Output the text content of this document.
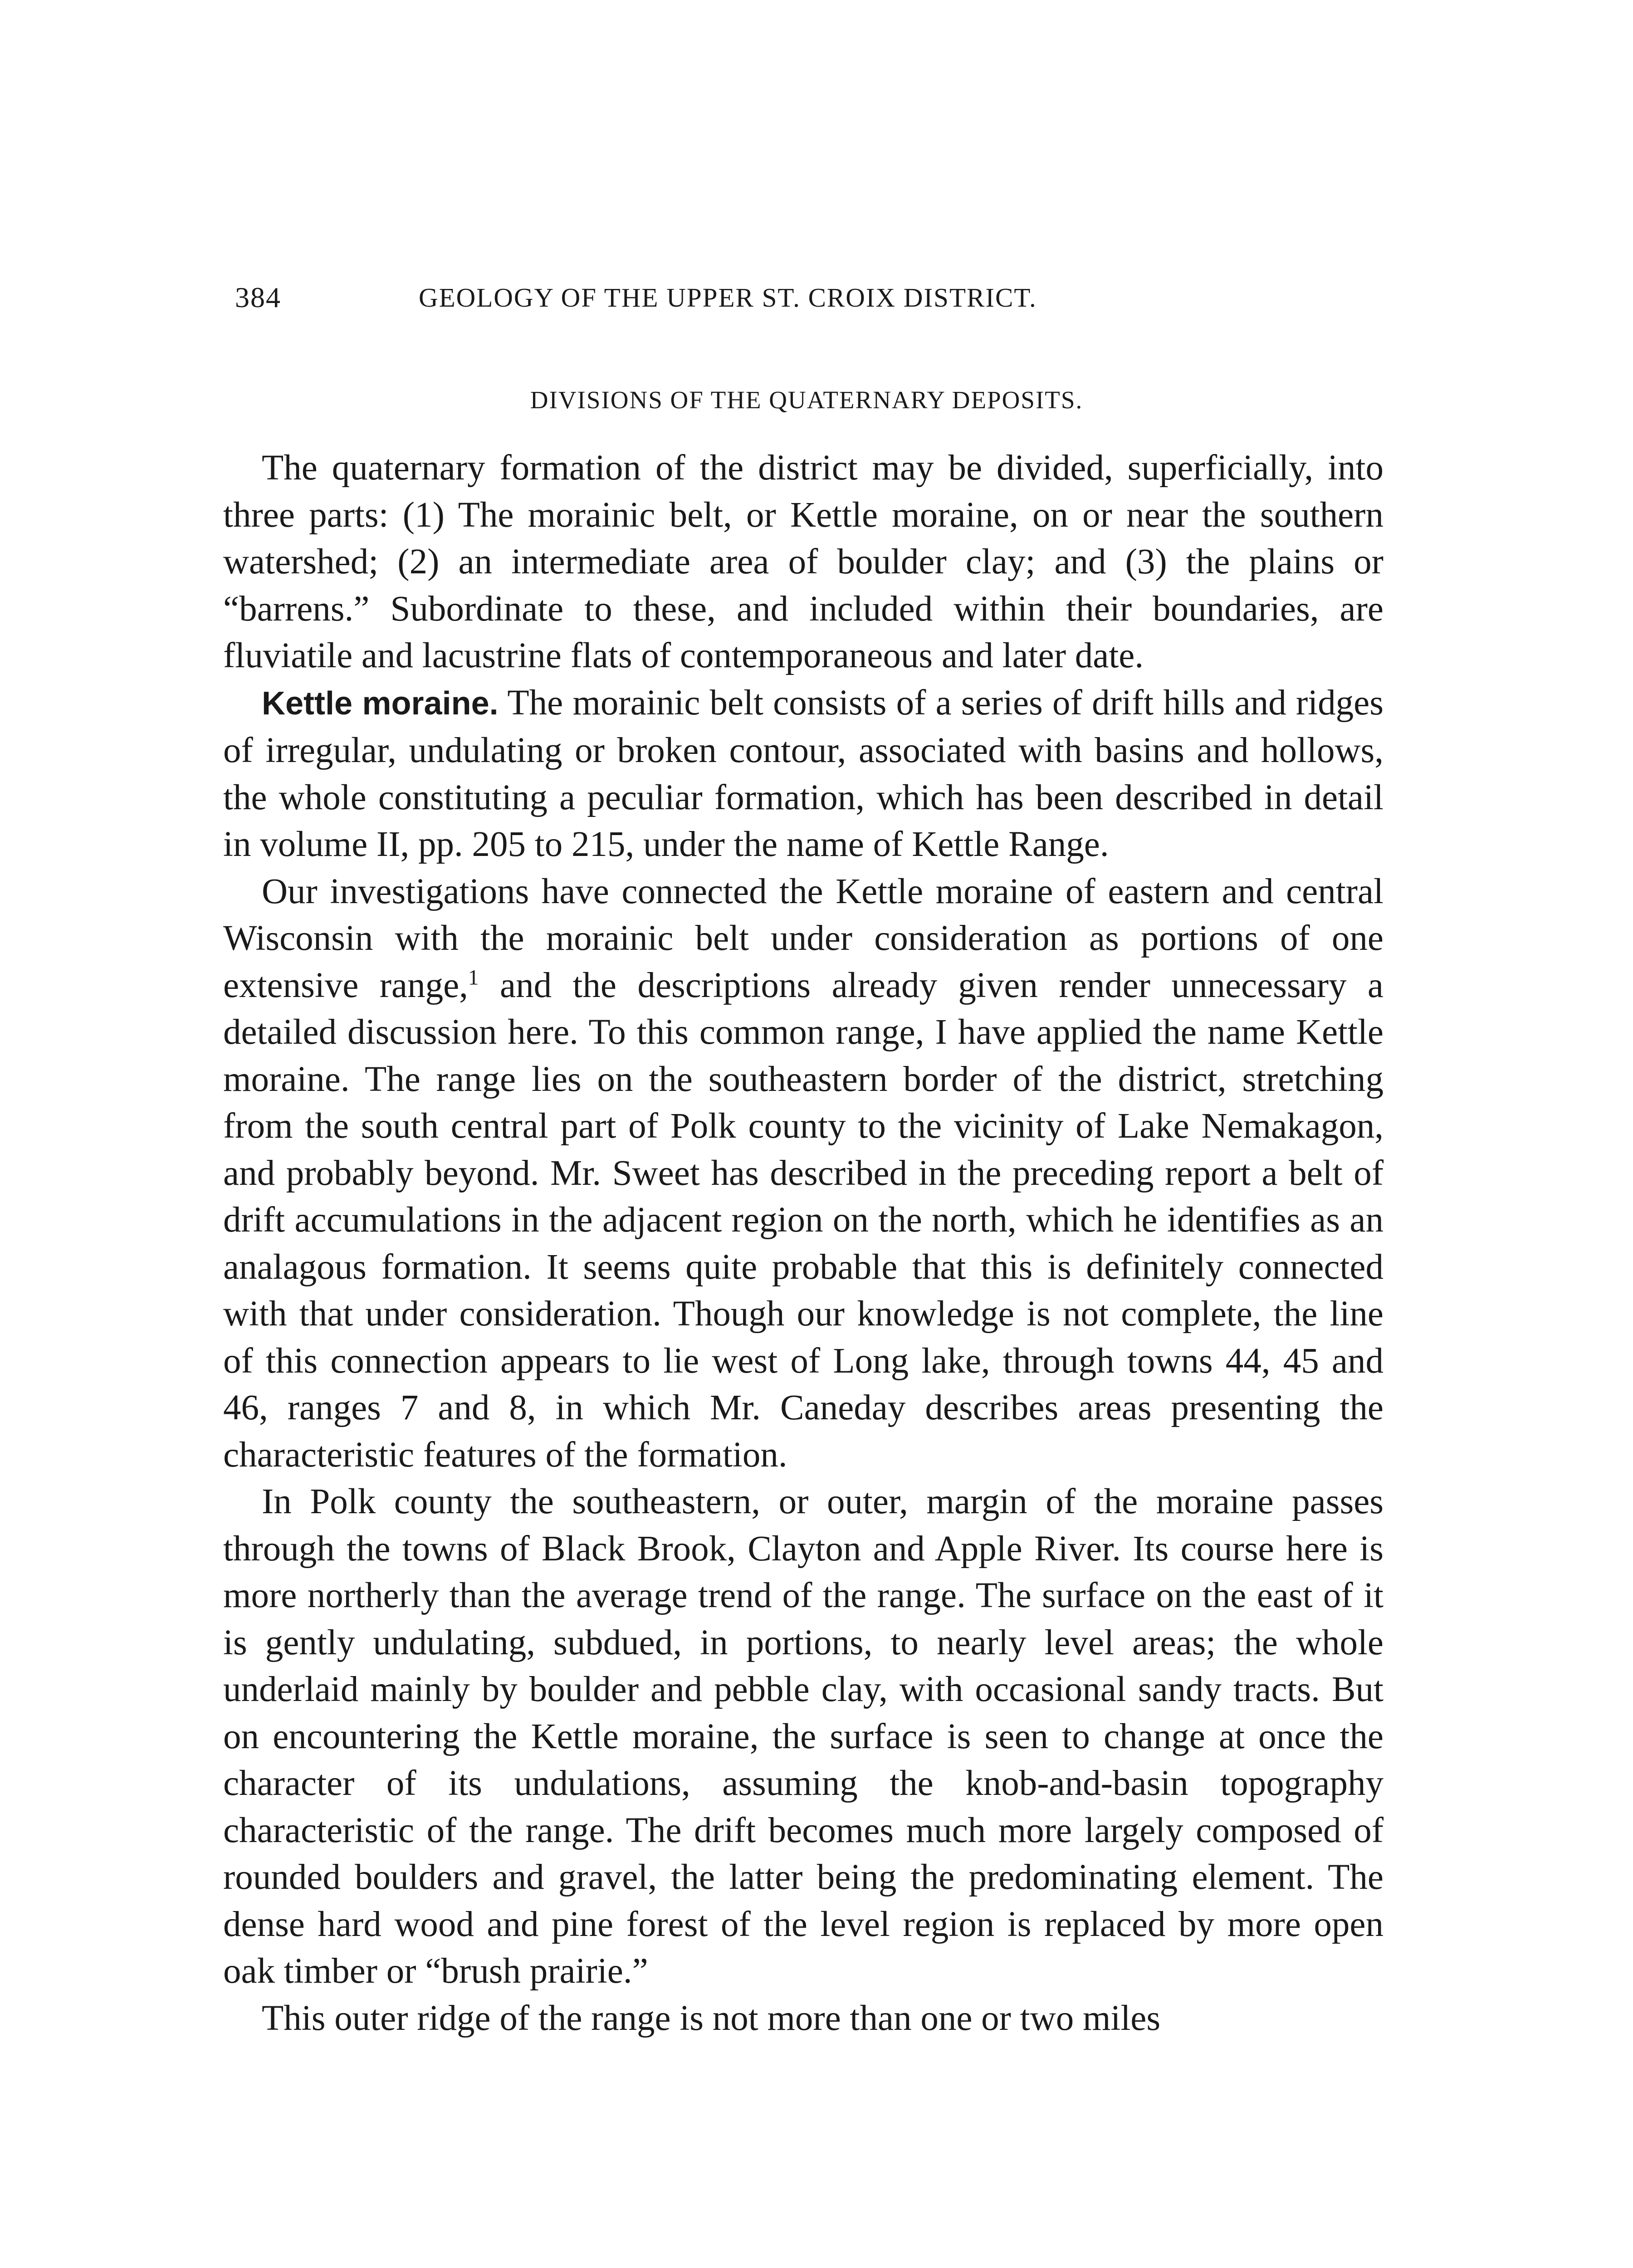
384	GEOLOGY OF THE UPPER ST. CROIX DISTRICT.
DIVISIONS OF THE QUATERNARY DEPOSITS.

The quaternary formation of the district may be divided, superficially, into three parts: (1) The morainic belt, or Kettle moraine, on or near the southern watershed; (2) an intermediate area of boulder clay; and (3) the plains or “barrens.” Subordinate to these, and included within their boundaries, are fluviatile and lacustrine flats of contemporaneous and later date.

Kettle moraine. The morainic belt consists of a series of drift hills and ridges of irregular, undulating or broken contour, associated with basins and hollows, the whole constituting a peculiar formation, which has been described in detail in volume II, pp. 205 to 215, under the name of Kettle Range.

Our investigations have connected the Kettle moraine of eastern and central Wisconsin with the morainic belt under consideration as portions of one extensive range,$^1$ and the descriptions already given render unnecessary a detailed discussion here. To this common range, I have applied the name Kettle moraine. The range lies on the southeastern border of the district, stretching from the south central part of Polk county to the vicinity of Lake Nemakagon, and probably beyond. Mr. Sweet has described in the preceding report a belt of drift accumulations in the adjacent region on the north, which he identifies as an analagous formation. It seems quite probable that this is definitely connected with that under consideration. Though our knowledge is not complete, the line of this connection appears to lie west of Long lake, through towns 44, 45 and 46, ranges 7 and 8, in which Mr. Caneday describes areas presenting the characteristic features of the formation.

In Polk county the southeastern, or outer, margin of the moraine passes through the towns of Black Brook, Clayton and Apple River. Its course here is more northerly than the average trend of the range. The surface on the east of it is gently undulating, subdued, in portions, to nearly level areas; the whole underlaid mainly by boulder and pebble clay, with occasional sandy tracts. But on encountering the Kettle moraine, the surface is seen to change at once the character of its undulations, assuming the knob-and-basin topography characteristic of the range. The drift becomes much more largely composed of rounded boulders and gravel, the latter being the predominating element. The dense hard wood and pine forest of the level region is replaced by more open oak timber or “brush prairie.”

This outer ridge of the range is not more than one or two miles
